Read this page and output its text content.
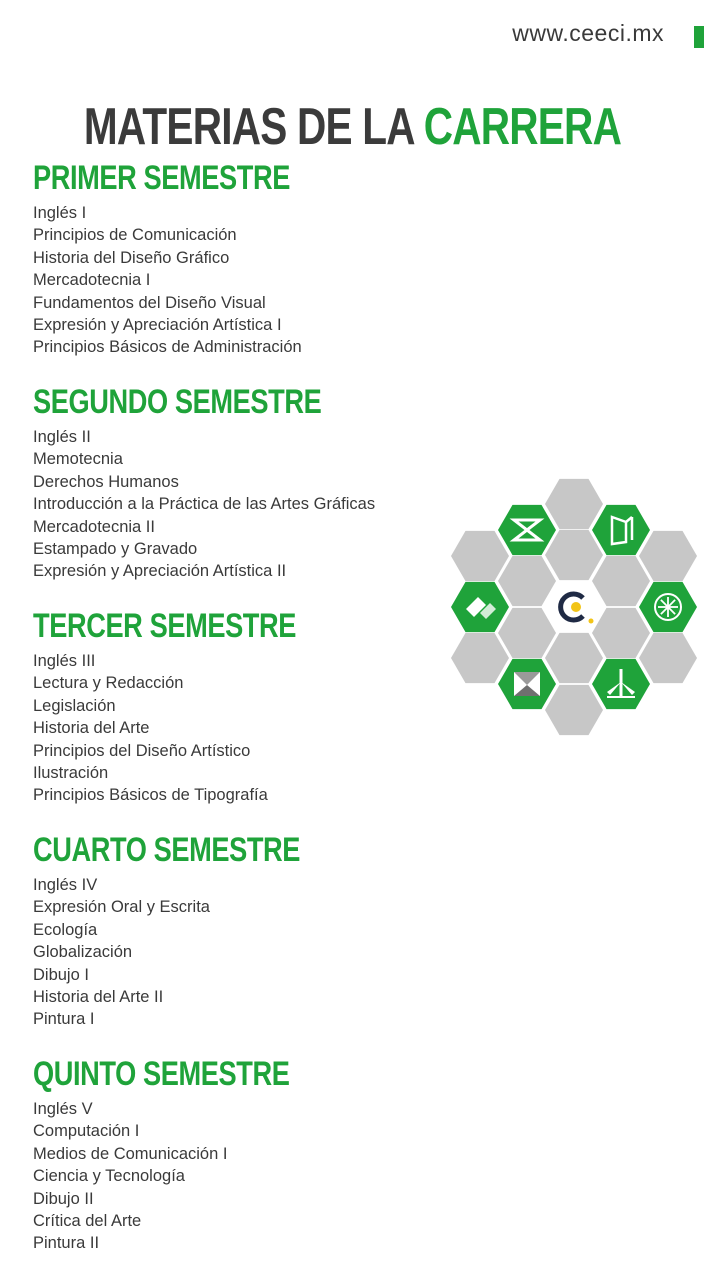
www.ceeci.mx
MATERIAS DE LA CARRERA
PRIMER SEMESTRE
Inglés I
Principios de Comunicación
Historia del Diseño Gráfico
Mercadotecnia I
Fundamentos del Diseño Visual
Expresión y Apreciación Artística I
Principios Básicos de Administración
SEGUNDO SEMESTRE
Inglés II
Memotecnia
Derechos Humanos
Introducción a la Práctica de las Artes Gráficas
Mercadotecnia II
Estampado y Gravado
Expresión y Apreciación Artística II
TERCER SEMESTRE
Inglés III
Lectura y Redacción
Legislación
Historia del Arte
Principios del Diseño Artístico
Ilustración
Principios Básicos de Tipografía
CUARTO SEMESTRE
Inglés IV
Expresión Oral y Escrita
Ecología
Globalización
Dibujo I
Historia del Arte II
Pintura I
QUINTO SEMESTRE
Inglés V
Computación I
Medios de Comunicación I
Ciencia y Tecnología
Dibujo II
Crítica del Arte
Pintura II
